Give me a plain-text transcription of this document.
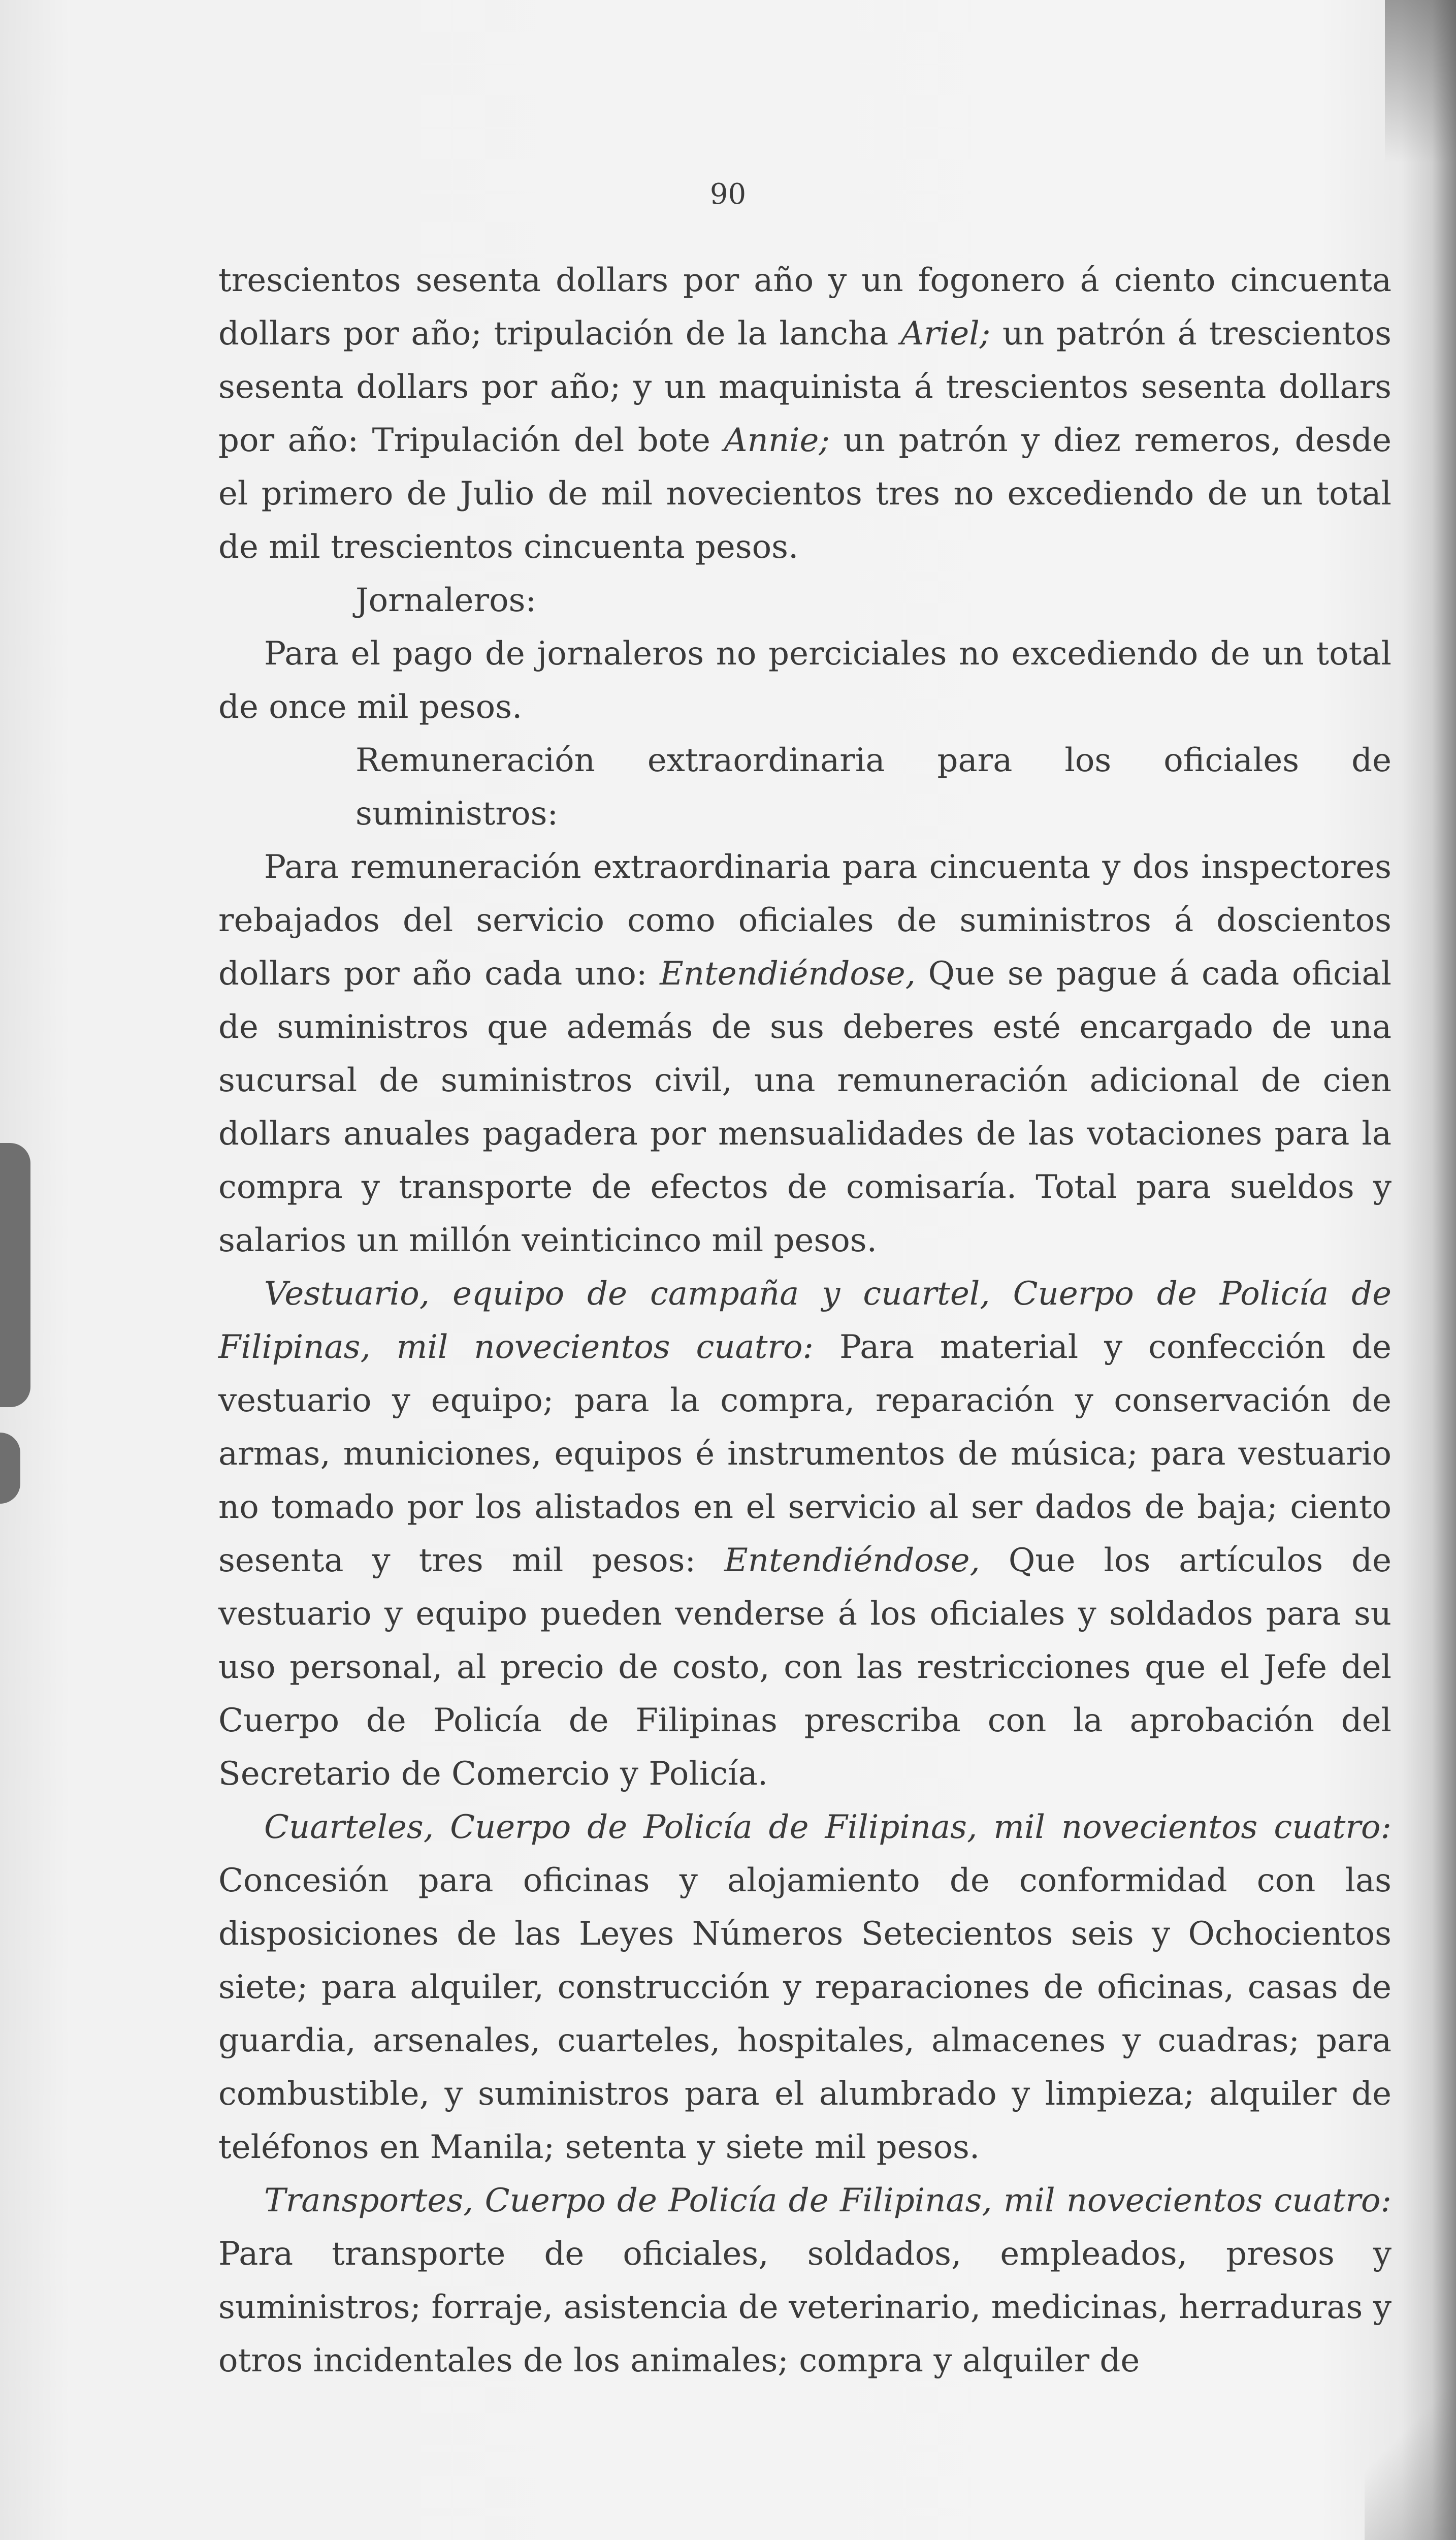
90

trescientos sesenta dollars por año y un fogonero á ciento cincuenta dollars por año; tripulación de la lancha Ariel; un patrón á trescientos sesenta dollars por año; y un maquinista á trescientos sesenta dollars por año: Tripulación del bote Annie; un patrón y diez remeros, desde el primero de Julio de mil novecientos tres no excediendo de un total de mil trescientos cincuenta pesos.

Jornaleros:

Para el pago de jornaleros no perciciales no excediendo de un total de once mil pesos.

Remuneración extraordinaria para los oficiales de suministros:

Para remuneración extraordinaria para cincuenta y dos inspectores rebajados del servicio como oficiales de suministros á doscientos dollars por año cada uno: Entendiéndose, Que se pague á cada oficial de suministros que además de sus deberes esté encargado de una sucursal de suministros civil, una remuneración adicional de cien dollars anuales pagadera por mensualidades de las votaciones para la compra y transporte de efectos de comisaría. Total para sueldos y salarios un millón veinticinco mil pesos.

Vestuario, equipo de campaña y cuartel, Cuerpo de Policía de Filipinas, mil novecientos cuatro: Para material y confección de vestuario y equipo; para la compra, reparación y conservación de armas, municiones, equipos é instrumentos de música; para vestuario no tomado por los alistados en el servicio al ser dados de baja; ciento sesenta y tres mil pesos: Entendiéndose, Que los artículos de vestuario y equipo pueden venderse á los oficiales y soldados para su uso personal, al precio de costo, con las restricciones que el Jefe del Cuerpo de Policía de Filipinas prescriba con la aprobación del Secretario de Comercio y Policía.

Cuarteles, Cuerpo de Policía de Filipinas, mil novecientos cuatro: Concesión para oficinas y alojamiento de conformidad con las disposiciones de las Leyes Números Setecientos seis y Ochocientos siete; para alquiler, construcción y reparaciones de oficinas, casas de guardia, arsenales, cuarteles, hospitales, almacenes y cuadras; para combustible, y suministros para el alumbrado y limpieza; alquiler de teléfonos en Manila; setenta y siete mil pesos.

Transportes, Cuerpo de Policía de Filipinas, mil novecientos cuatro: Para transporte de oficiales, soldados, empleados, presos y suministros; forraje, asistencia de veterinario, medicinas, herraduras y otros incidentales de los animales; compra y alquiler de
